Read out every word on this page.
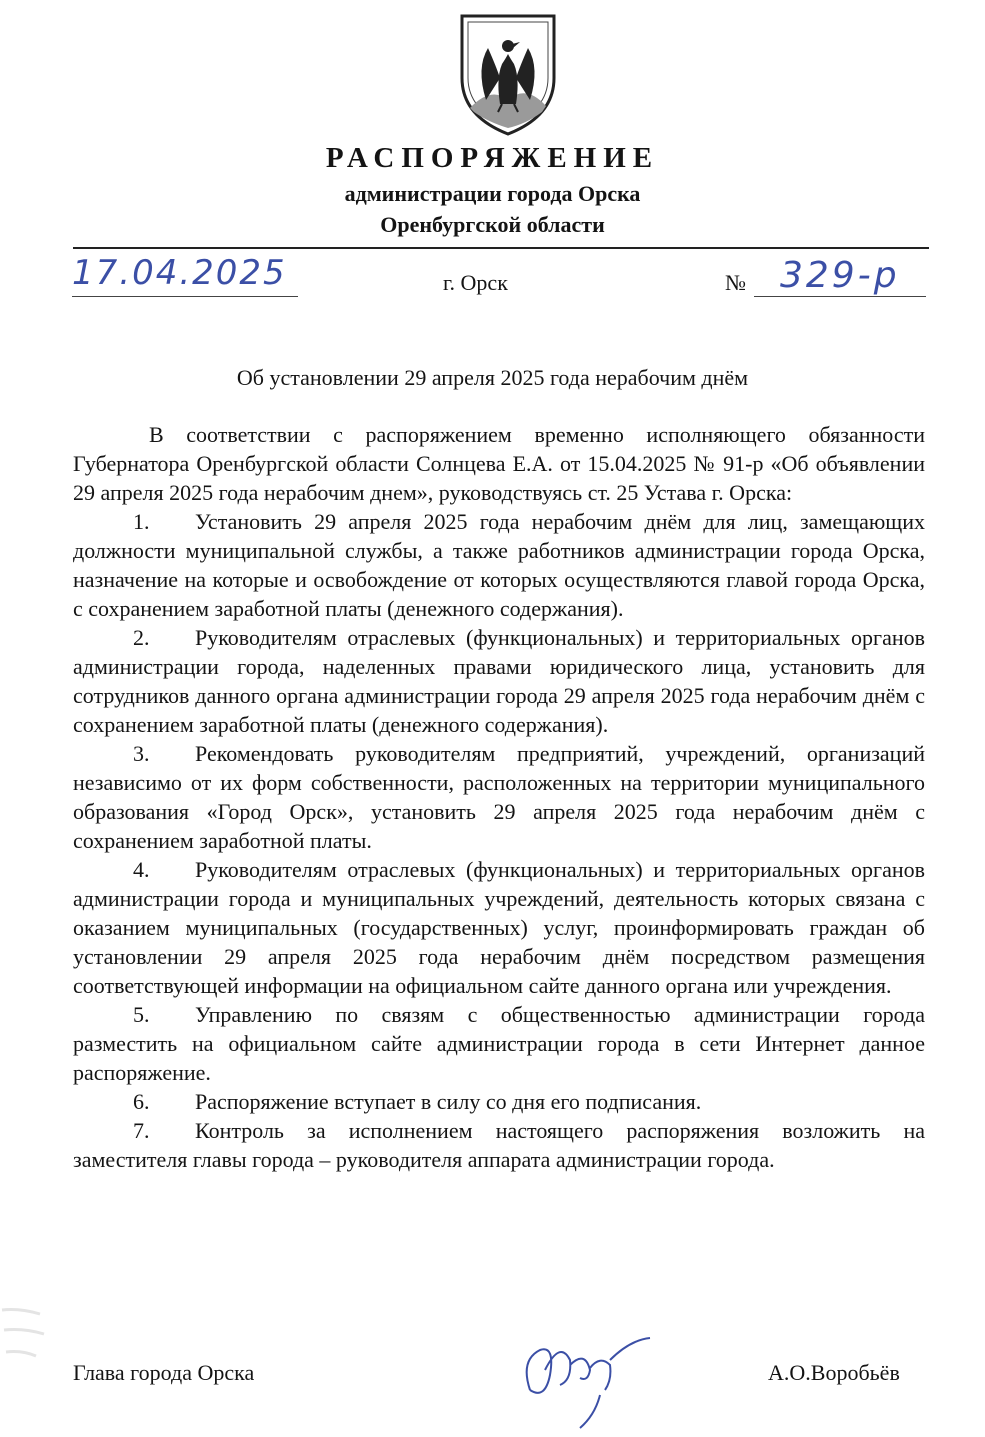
РАСПОРЯЖЕНИЕ
администрации города Орска
Оренбургской области
17.04.2025	г. Орск	№ 329-р
Об установлении 29 апреля 2025 года нерабочим днём

В соответствии с распоряжением временно исполняющего обязанности Губернатора Оренбургской области Солнцева Е.А. от 15.04.2025 № 91-р «Об объявлении 29 апреля 2025 года нерабочим днем», руководствуясь ст. 25 Устава г. Орска:

1. Установить 29 апреля 2025 года нерабочим днём для лиц, замещающих должности муниципальной службы, а также работников администрации города Орска, назначение на которые и освобождение от которых осуществляются главой города Орска, с сохранением заработной платы (денежного содержания).

2. Руководителям отраслевых (функциональных) и территориальных органов администрации города, наделенных правами юридического лица, установить для сотрудников данного органа администрации города 29 апреля 2025 года нерабочим днём с сохранением заработной платы (денежного содержания).

3. Рекомендовать руководителям предприятий, учреждений, организаций независимо от их форм собственности, расположенных на территории муниципального образования «Город Орск», установить 29 апреля 2025 года нерабочим днём с сохранением заработной платы.

4. Руководителям отраслевых (функциональных) и территориальных органов администрации города и муниципальных учреждений, деятельность которых связана с оказанием муниципальных (государственных) услуг, проинформировать граждан об установлении 29 апреля 2025 года нерабочим днём посредством размещения соответствующей информации на официальном сайте данного органа или учреждения.

5. Управлению по связям с общественностью администрации города разместить на официальном сайте администрации города в сети Интернет данное распоряжение.

6. Распоряжение вступает в силу со дня его подписания.

7. Контроль за исполнением настоящего распоряжения возложить на заместителя главы города – руководителя аппарата администрации города.

Глава города Орска	А.О.Воробьёв
